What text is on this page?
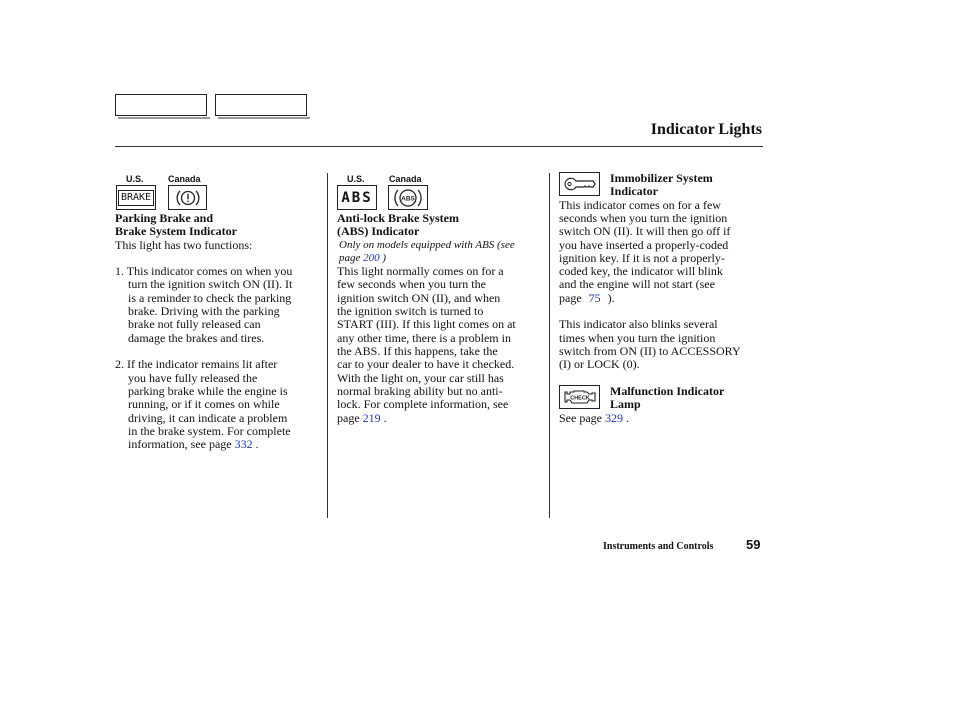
Indicator Lights
U.S.	Canada
BRAKE
Parking Brake and
Brake System Indicator
This light has two functions:
1. This indicator comes on when you
turn the ignition switch ON (II). It
is a reminder to check the parking
brake. Driving with the parking
brake not fully released can
damage the brakes and tires.
2. If the indicator remains lit after
you have fully released the
parking brake while the engine is
running, or if it comes on while
driving, it can indicate a problem
in the brake system. For complete
information, see page 332 .
U.S.	Canada
ABS	ABS
Anti-lock Brake System
(ABS) Indicator
Only on models equipped with ABS (see
page 200 )
This light normally comes on for a
few seconds when you turn the
ignition switch ON (II), and when
the ignition switch is turned to
START (III). If this light comes on at
any other time, there is a problem in
the ABS. If this happens, take the
car to your dealer to have it checked.
With the light on, your car still has
normal braking ability but no anti-
lock. For complete information, see
page 219 .
Immobilizer System
Indicator
This indicator comes on for a few
seconds when you turn the ignition
switch ON (II). It will then go off if
you have inserted a properly-coded
ignition key. If it is not a properly-
coded key, the indicator will blink
and the engine will not start (see
page 75 ).
This indicator also blinks several
times when you turn the ignition
switch from ON (II) to ACCESSORY
(I) or LOCK (0).
CHECK
Malfunction Indicator
Lamp
See page 329 .
Instruments and Controls	59
